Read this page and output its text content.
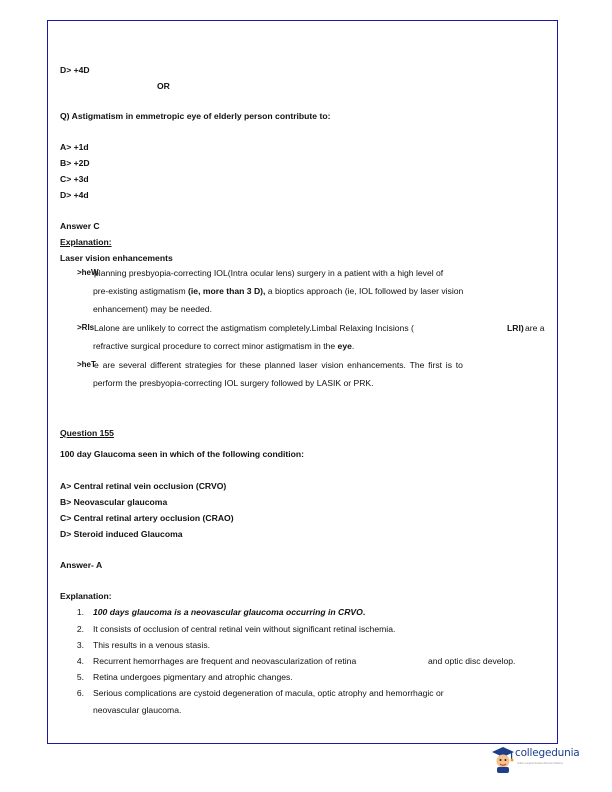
D> +4D
OR
Q) Astigmatism in emmetropic eye of elderly person contribute to:
A> +1d
B> +2D
C> +3d
D> +4d
Answer C
Explanation:
Laser vision enhancements
>heW
planning presbyopia-correcting IOL(Intra ocular lens) surgery in a patient with a high level of
pre-existing astigmatism (ie, more than 3 D), a bioptics approach (ie, IOL followed by laser vision
enhancement) may be needed.
>RIs Lalone are unlikely to correct the astigmatism completely.Limbal Relaxing Incisions (	LRI) are a
refractive surgical procedure to correct minor astigmatism in the eye.
>heT
e are several different strategies for these planned laser vision enhancements. The first is to
perform the presbyopia-correcting IOL surgery followed by LASIK or PRK.
Question 155
100 day Glaucoma seen in which of the following condition:
A> Central retinal vein occlusion (CRVO)
B> Neovascular glaucoma
C> Central retinal artery occlusion (CRAO)
D> Steroid induced Glaucoma
Answer- A
Explanation:
1. 100 days glaucoma is a neovascular glaucoma occurring in CRVO.
2. It consists of occlusion of central retinal vein without significant retinal ischemia.
3. This results in a venous stasis.
4. Recurrent hemorrhages are frequent and neovascularization of retina	and optic disc develop.
5. Retina undergoes pigmentary and atrophic changes.
6. Serious complications are cystoid degeneration of macula, optic atrophy and hemorrhagic or
neovascular glaucoma.
collegedunia
India's Largest Student Review Platform
